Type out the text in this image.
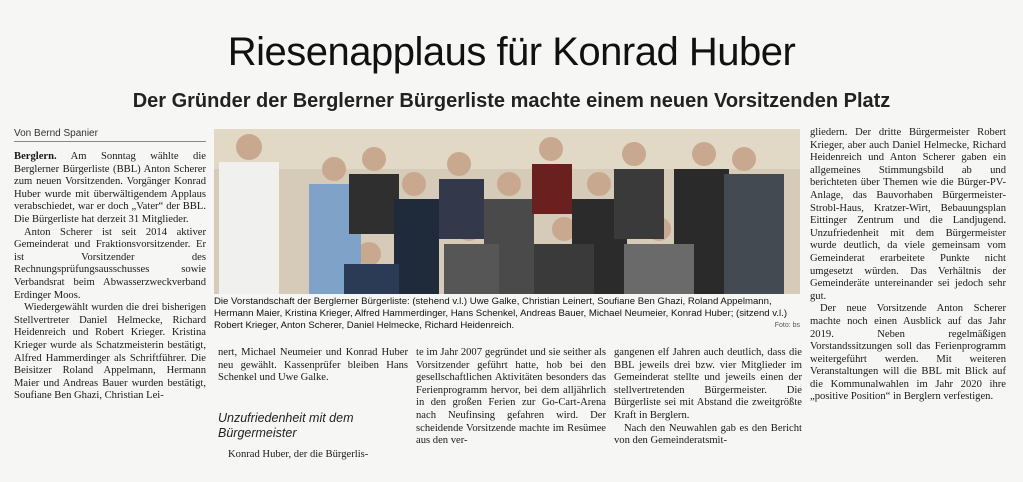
Riesenapplaus für Konrad Huber
Der Gründer der Berglerner Bürgerliste machte einem neuen Vorsitzenden Platz
Von Bernd Spanier

Berglern. Am Sonntag wählte die Berglerner Bürgerliste (BBL) Anton Scherer zum neuen Vorsitzenden. Vorgänger Konrad Huber wurde mit überwältigendem Applaus verabschiedet, war er doch „Vater“ der BBL. Die Bürgerliste hat derzeit 31 Mitglieder.

Anton Scherer ist seit 2014 aktiver Gemeinderat und Fraktionsvorsitzender. Er ist Vorsitzender des Rechnungsprüfungsausschusses sowie Verbandsrat beim Abwasserzweckverband Erdinger Moos.

Wiedergewählt wurden die drei bisherigen Stellvertreter Daniel Helmecke, Richard Heidenreich und Robert Krieger. Kristina Krieger wurde als Schatzmeisterin bestätigt, Alfred Hammerdinger als Schriftführer. Die Beisitzer Roland Appelmann, Hermann Maier und Andreas Bauer wurden bestätigt, Soufiane Ben Ghazi, Christian Lei-

Die Vorstandschaft der Berglerner Bürgerliste: (stehend v.l.) Uwe Galke, Christian Leinert, Soufiane Ben Ghazi, Roland Appelmann, Hermann Maier, Kristina Krieger, Alfred Hammerdinger, Hans Schenkel, Andreas Bauer, Michael Neumeier, Konrad Huber; (sitzend v.l.) Robert Krieger, Anton Scherer, Daniel Helmecke, Richard Heidenreich.	Foto: bs

nert, Michael Neumeier und Konrad Huber neu gewählt. Kassenprüfer bleiben Hans Schenkel und Uwe Galke.

Unzufriedenheit mit dem Bürgermeister

Konrad Huber, der die Bürgerlis-

te im Jahr 2007 gegründet und sie seither als Vorsitzender geführt hatte, hob bei den gesellschaftlichen Aktivitäten besonders das Ferienprogramm hervor, bei dem alljährlich in den großen Ferien zur Go-Cart-Arena nach Neufinsing gefahren wird. Der scheidende Vorsitzende machte im Resümee aus den ver-

gangenen elf Jahren auch deutlich, dass die BBL jeweils drei bzw. vier Mitglieder im Gemeinderat stellte und jeweils einen der stellvertretenden Bürgermeister. Die Bürgerliste sei mit Abstand die zweitgrößte Kraft in Berglern.

Nach den Neuwahlen gab es den Bericht von den Gemeinderatsmit-

gliedern. Der dritte Bürgermeister Robert Krieger, aber auch Daniel Helmecke, Richard Heidenreich und Anton Scherer gaben ein allgemeines Stimmungsbild ab und berichteten über Themen wie die Bürger-PV-Anlage, das Bauvorhaben Bürgermeister-Strobl-Haus, Kratzer-Wirt, Bebauungsplan Eittinger Zentrum und die Landjugend. Unzufriedenheit mit dem Bürgermeister wurde deutlich, da viele gemeinsam vom Gemeinderat erarbeitete Punkte nicht umgesetzt würden. Das Verhältnis der Gemeinderäte untereinander sei jedoch sehr gut.

Der neue Vorsitzende Anton Scherer machte noch einen Ausblick auf das Jahr 2019. Neben regelmäßigen Vorstandssitzungen soll das Ferienprogramm weitergeführt werden. Mit weiteren Veranstaltungen will die BBL mit Blick auf die Kommunalwahlen im Jahr 2020 ihre „positive Position“ in Berglern verfestigen.
